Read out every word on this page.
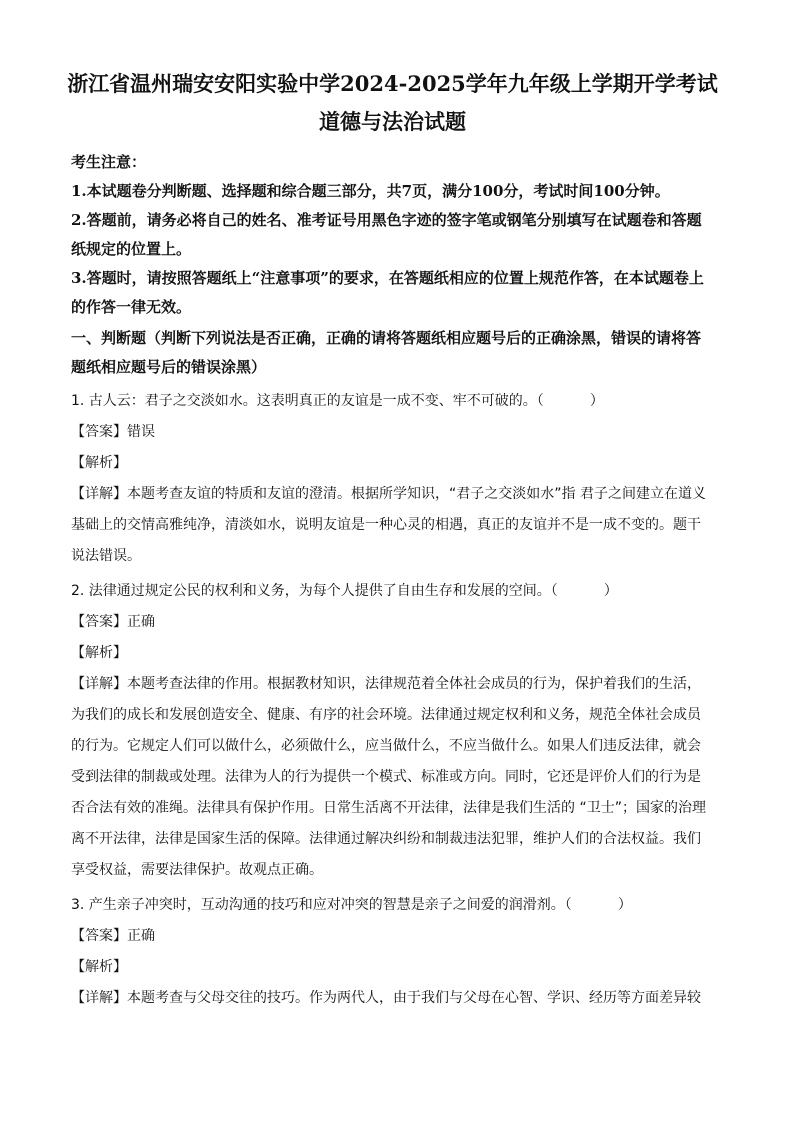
浙江省温州瑞安安阳实验中学2024-2025学年九年级上学期开学考试
道德与法治试题

考生注意：

1.本试题卷分判断题、选择题和综合题三部分，共7页，满分100分，考试时间100分钟。

2.答题前，请务必将自己的姓名、准考证号用黑色字迹的签字笔或钢笔分别填写在试题卷和答题纸规定的位置上。

3.答题时，请按照答题纸上“注意事项”的要求，在答题纸相应的位置上规范作答，在本试题卷上的作答一律无效。

一、判断题（判断下列说法是否正确，正确的请将答题纸相应题号后的正确涂黑，错误的请将答题纸相应题号后的错误涂黑）

1. 古人云：君子之交淡如水。这表明真正的友谊是一成不变、牢不可破的。（	）

【答案】错误

【解析】

【详解】本题考查友谊的特质和友谊的澄清。根据所学知识，“君子之交淡如水”指 君子之间建立在道义基础上的交情高雅纯净，清淡如水，说明友谊是一种心灵的相遇，真正的友谊并不是一成不变的。题干说法错误。

2. 法律通过规定公民的权利和义务，为每个人提供了自由生存和发展的空间。（	）

【答案】正确

【解析】

【详解】本题考查法律的作用。根据教材知识，法律规范着全体社会成员的行为，保护着我们的生活，为我们的成长和发展创造安全、健康、有序的社会环境。法律通过规定权利和义务，规范全体社会成员的行为。它规定人们可以做什么，必须做什么，应当做什么，不应当做什么。如果人们违反法律，就会受到法律的制裁或处理。法律为人的行为提供一个模式、标准或方向。同时，它还是评价人们的行为是否合法有效的准绳。法律具有保护作用。日常生活离不开法律，法律是我们生活的 “卫士”；国家的治理离不开法律，法律是国家生活的保障。法律通过解决纠纷和制裁违法犯罪，维护人们的合法权益。我们享受权益，需要法律保护。故观点正确。

3. 产生亲子冲突时，互动沟通的技巧和应对冲突的智慧是亲子之间爱的润滑剂。（	）

【答案】正确

【解析】

【详解】本题考查与父母交往的技巧。作为两代人，由于我们与父母在心智、学识、经历等方面差异较
